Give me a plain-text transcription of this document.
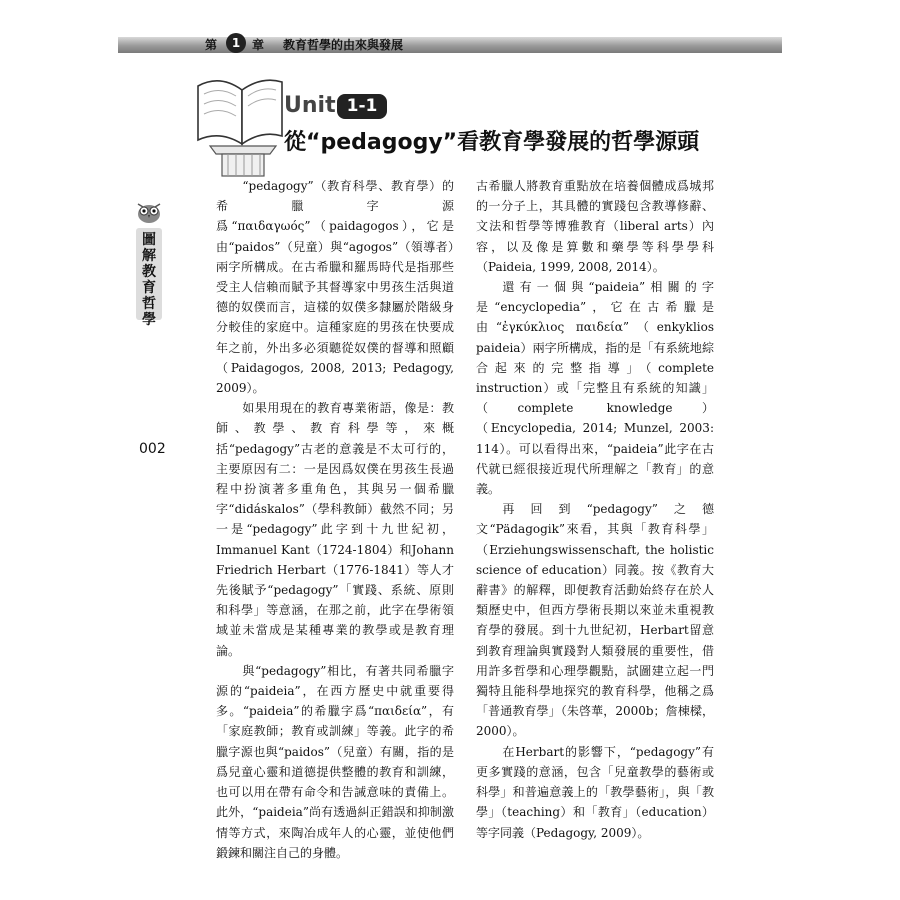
第	1 章 教育哲學的由來與發展
Unit 1-1
從“pedagogy”看教育學發展的哲學源頭
圖解教育哲學
002

“pedagogy”（教育科學、教育學）的希臘字源爲“παιδαγωός”（paidagogos），它是由“paidos”（兒童）與“agogos”（領導者）兩字所構成。在古希臘和羅馬時代是指那些受主人信賴而賦予其督導家中男孩生活與道德的奴僕而言，這樣的奴僕多隸屬於階級身分較佳的家庭中。這種家庭的男孩在快要成年之前，外出多必須聽從奴僕的督導和照顧（Paidagogos, 2008, 2013; Pedagogy, 2009）。

如果用現在的教育專業術語，像是：教師、教學、教育科學等，來概括“pedagogy”古老的意義是不太可行的，主要原因有二：一是因爲奴僕在男孩生長過程中扮演著多重角色，其與另一個希臘字“didáskalos”（學科教師）截然不同；另一是“pedagogy”此字到十九世紀初，Immanuel Kant（1724-1804）和Johann Friedrich Herbart（1776-1841）等人才先後賦予“pedagogy”「實踐、系統、原則和科學」等意涵，在那之前，此字在學術領域並未當成是某種專業的教學或是教育理論。

與“pedagogy”相比，有著共同希臘字源的“paideia”，在西方歷史中就重要得多。“paideia”的希臘字爲“παιδεία”，有「家庭教師；教育或訓練」等義。此字的希臘字源也與“paidos”（兒童）有關，指的是爲兒童心靈和道德提供整體的教育和訓練，也可以用在帶有命令和告誡意味的責備上。此外，“paideia”尚有透過糾正錯誤和抑制激情等方式，來陶冶成年人的心靈，並使他們鍛鍊和關注自己的身體。

古希臘人將教育重點放在培養個體成爲城邦的一分子上，其具體的實踐包含教導修辭、文法和哲學等博雅教育（liberal arts）內容，以及像是算數和藥學等科學學科（Paideia, 1999, 2008, 2014）。

還有一個與“paideia”相關的字是“encyclopedia”，它在古希臘是由“ἐγκύκλιος παιδεία”（enkyklios paideia）兩字所構成，指的是「有系統地綜合起來的完整指導」（complete instruction）或「完整且有系統的知識」（complete knowledge）（Encyclopedia, 2014; Munzel, 2003: 114）。可以看得出來，“paideia”此字在古代就已經很接近現代所理解之「教育」的意義。

再回到“pedagogy”之德文“Pädagogik”來看，其與「教育科學」（Erziehungswissenschaft, the holistic science of education）同義。按《教育大辭書》的解釋，即便教育活動始終存在於人類歷史中，但西方學術長期以來並未重視教育學的發展。到十九世紀初，Herbart留意到教育理論與實踐對人類發展的重要性，借用許多哲學和心理學觀點，試圖建立起一門獨特且能科學地探究的教育科學，他稱之爲「普通教育學」（朱啓華，2000b；詹棟樑，2000）。

在Herbart的影響下，“pedagogy”有更多實踐的意涵，包含「兒童教學的藝術或科學」和普遍意義上的「教學藝術」，與「教學」（teaching）和「教育」（education）等字同義（Pedagogy, 2009）。
